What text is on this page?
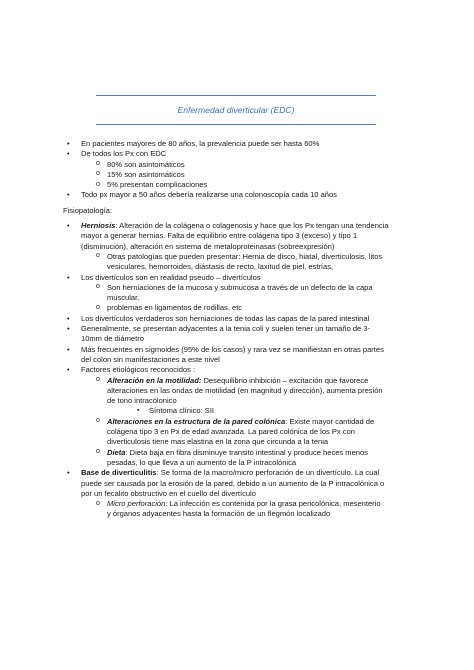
Enfermedad diverticular (EDC)
• En pacientes mayores de 80 años, la prevalencia puede ser hasta 60%
• De todos los Px con EDC
o 80% son asintomáticos
o 15% son asintomáticos
o 5% presentan complicaciones
• Todo px mayor a 50 años debería realizarse una colonoscopía cada 10 años
Fisiopatología:
• Herniosis: Alteración de la colágena o colagenosis y hace que los Px tengan una tendencia
mayor a generar hernias. Falta de equilibrio entre colágena tipo 3 (exceso) y tipo 1
(disminución), alteración en sistema de metaloproteinasas (sobreexpresión)
o Otras patologías que pueden presentar: Hernia de disco, hiatal, diverticulosis, litos
vesiculares, hemorroides, diástasis de recto, laxitud de piel, estrías,
• Los divertículos son en realidad pseudo – divertículos
o Son herniaciones de la mucosa y submucosa a través de un defecto de la capa
muscular.
o problemas en ligamentos de rodillas, etc
• Los divertículos verdaderos son herniaciones de todas las capas de la pared intestinal
• Generalmente, se presentan adyacentes a la tenia coli y suelen tener un tamaño de 3-
10mm de diámetro
• Más frecuentes en sigmoides (95% de los casos) y rara vez se manifiestan en otras partes
del colon sin manifestaciones a este nivel
• Factores etiológicos reconocidos :
o Alteración en la motilidad: Desequilibrio inhibición – excitación que favorece
alteraciones en las ondas de motilidad (en magnitud y dirección), aumenta presión
de tono intracólonico
▪ Síntoma clínico: SII
o Alteraciones en la estructura de la pared colónica: Existe mayor cantidad de
colágena tipo 3 en Px de edad avanzada. La pared colónica de los Px con
diverticulosis tiene mas elastina en la zona que circunda a la tenia
o Dieta: Dieta baja en fibra disminuye transito intestinal y produce heces menos
pesadas, lo que lleva a un aumento de la P intracolónica
• Base de diverticulitis: Se forma de la macro/micro perforación de un divertículo. La cual
puede ser causada por la erosión de la pared, debido a un aumento de la P intracolónica o
por un fecalito obstructivo en el cuello del divertículo
o Micro perforación: La infección es contenida por la grasa pericolónica, mesenterio
y órganos adyacentes hasta la formación de un flegmón localizado
